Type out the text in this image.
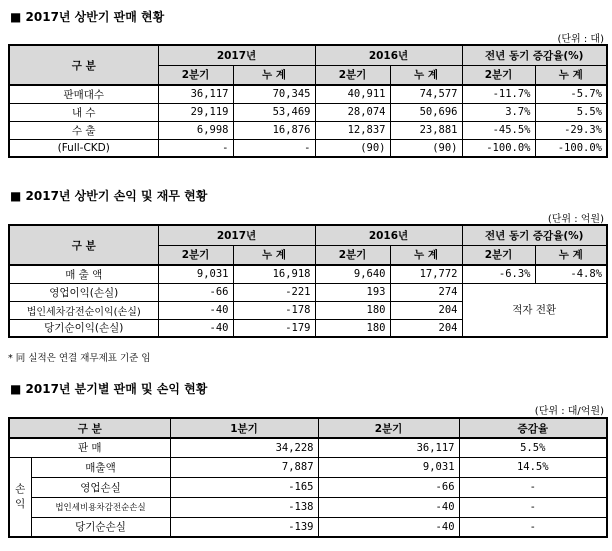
■ 2017년 상반기 판매 현황
(단위 : 대)
구 분	2017년		2016년		전년 동기 증감율(%)	
	2분기	누 계	2분기	누 계	2분기	누 계
판매대수	36,117	70,345	40,911	74,577	-11.7%	-5.7%
내 수	29,119	53,469	28,074	50,696	3.7%	5.5%
수 출	6,998	16,876	12,837	23,881	-45.5%	-29.3%
(Full-CKD)	-	-	(90)	(90)	-100.0%	-100.0%
■ 2017년 상반기 손익 및 재무 현황
(단위 : 억원)
구 분	2017년		2016년		전년 동기 증감율(%)	
	2분기	누 계	2분기	누 계	2분기	누 계
매 출 액	9,031	16,918	9,640	17,772	-6.3%	-4.8%
영업이익(손실)	-66	-221	193	274	적자 전환	
법인세차감전순이익(손실)	-40	-178	180	204		
당기순이익(손실)	-40	-179	180	204		
* 同 실적은 연결 재무제표 기준 임
■ 2017년 분기별 판매 및 손익 현황
(단위 : 대/억원)
구 분		1분기	2분기	증감율
판 매		34,228	36,117	5.5%
손익	매출액	7,887	9,031	14.5%
	영업손실	-165	-66	-
	법인세비용차감전순손실	-138	-40	-
	당기순손실	-139	-40	-
